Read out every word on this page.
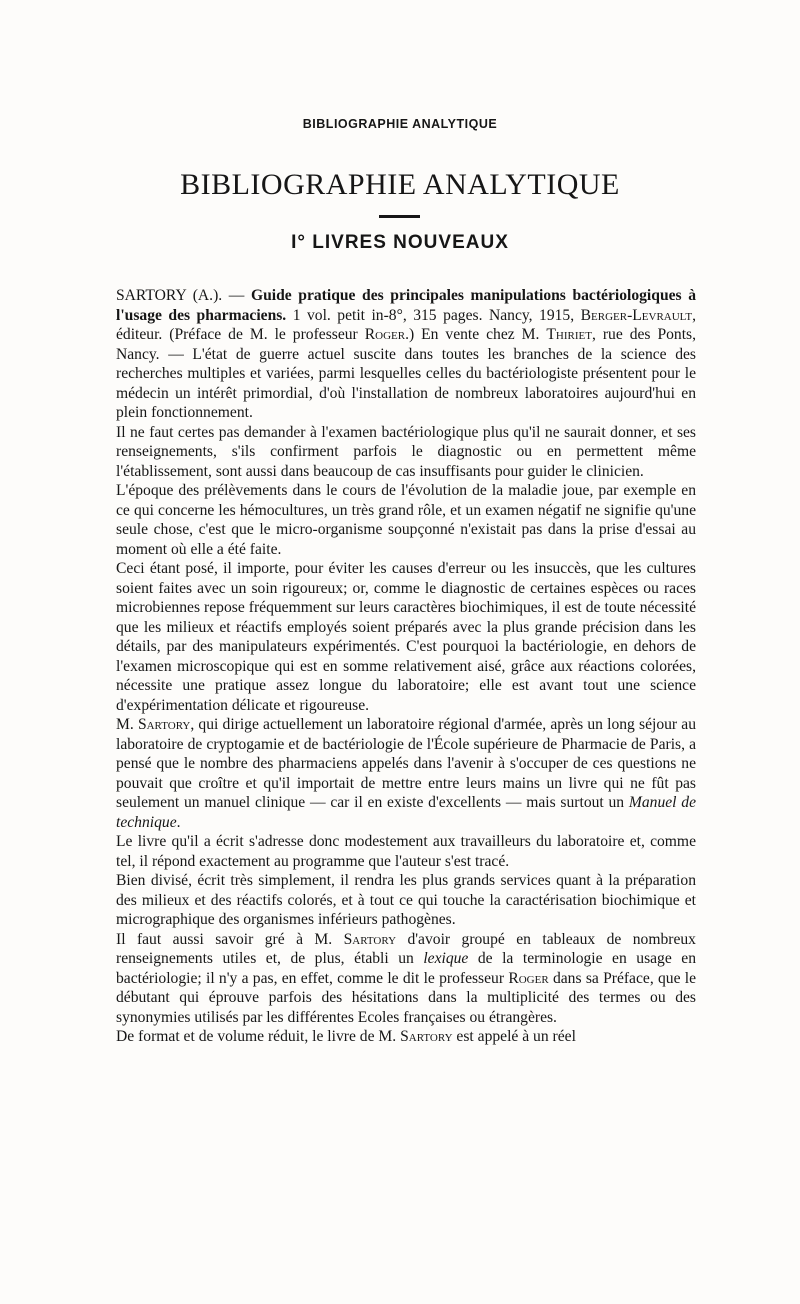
BIBLIOGRAPHIE ANALYTIQUE
BIBLIOGRAPHIE ANALYTIQUE
I° LIVRES NOUVEAUX

SARTORY (A.). — Guide pratique des principales manipulations bactériologiques à l'usage des pharmaciens. 1 vol. petit in-8°, 315 pages. Nancy, 1915, Berger-Levrault, éditeur. (Préface de M. le professeur Roger.) En vente chez M. Thiriet, rue des Ponts, Nancy. — L'état de guerre actuel suscite dans toutes les branches de la science des recherches multiples et variées, parmi lesquelles celles du bactériologiste présentent pour le médecin un intérêt primordial, d'où l'installation de nombreux laboratoires aujourd'hui en plein fonctionnement.

Il ne faut certes pas demander à l'examen bactériologique plus qu'il ne saurait donner, et ses renseignements, s'ils confirment parfois le diagnostic ou en permettent même l'établissement, sont aussi dans beaucoup de cas insuffisants pour guider le clinicien.

L'époque des prélèvements dans le cours de l'évolution de la maladie joue, par exemple en ce qui concerne les hémocultures, un très grand rôle, et un examen négatif ne signifie qu'une seule chose, c'est que le micro-organisme soupçonné n'existait pas dans la prise d'essai au moment où elle a été faite.

Ceci étant posé, il importe, pour éviter les causes d'erreur ou les insuccès, que les cultures soient faites avec un soin rigoureux; or, comme le diagnostic de certaines espèces ou races microbiennes repose fréquemment sur leurs caractères biochimiques, il est de toute nécessité que les milieux et réactifs employés soient préparés avec la plus grande précision dans les détails, par des manipulateurs expérimentés. C'est pourquoi la bactériologie, en dehors de l'examen microscopique qui est en somme relativement aisé, grâce aux réactions colorées, nécessite une pratique assez longue du laboratoire; elle est avant tout une science d'expérimentation délicate et rigoureuse.

M. Sartory, qui dirige actuellement un laboratoire régional d'armée, après un long séjour au laboratoire de cryptogamie et de bactériologie de l'École supérieure de Pharmacie de Paris, a pensé que le nombre des pharmaciens appelés dans l'avenir à s'occuper de ces questions ne pouvait que croître et qu'il importait de mettre entre leurs mains un livre qui ne fût pas seulement un manuel clinique — car il en existe d'excellents — mais surtout un Manuel de technique.

Le livre qu'il a écrit s'adresse donc modestement aux travailleurs du laboratoire et, comme tel, il répond exactement au programme que l'auteur s'est tracé.

Bien divisé, écrit très simplement, il rendra les plus grands services quant à la préparation des milieux et des réactifs colorés, et à tout ce qui touche la caractérisation biochimique et micrographique des organismes inférieurs pathogènes.

Il faut aussi savoir gré à M. Sartory d'avoir groupé en tableaux de nombreux renseignements utiles et, de plus, établi un lexique de la terminologie en usage en bactériologie; il n'y a pas, en effet, comme le dit le professeur Roger dans sa Préface, que le débutant qui éprouve parfois des hésitations dans la multiplicité des termes ou des synonymies utilisés par les différentes Ecoles françaises ou étrangères.

De format et de volume réduit, le livre de M. Sartory est appelé à un réel
